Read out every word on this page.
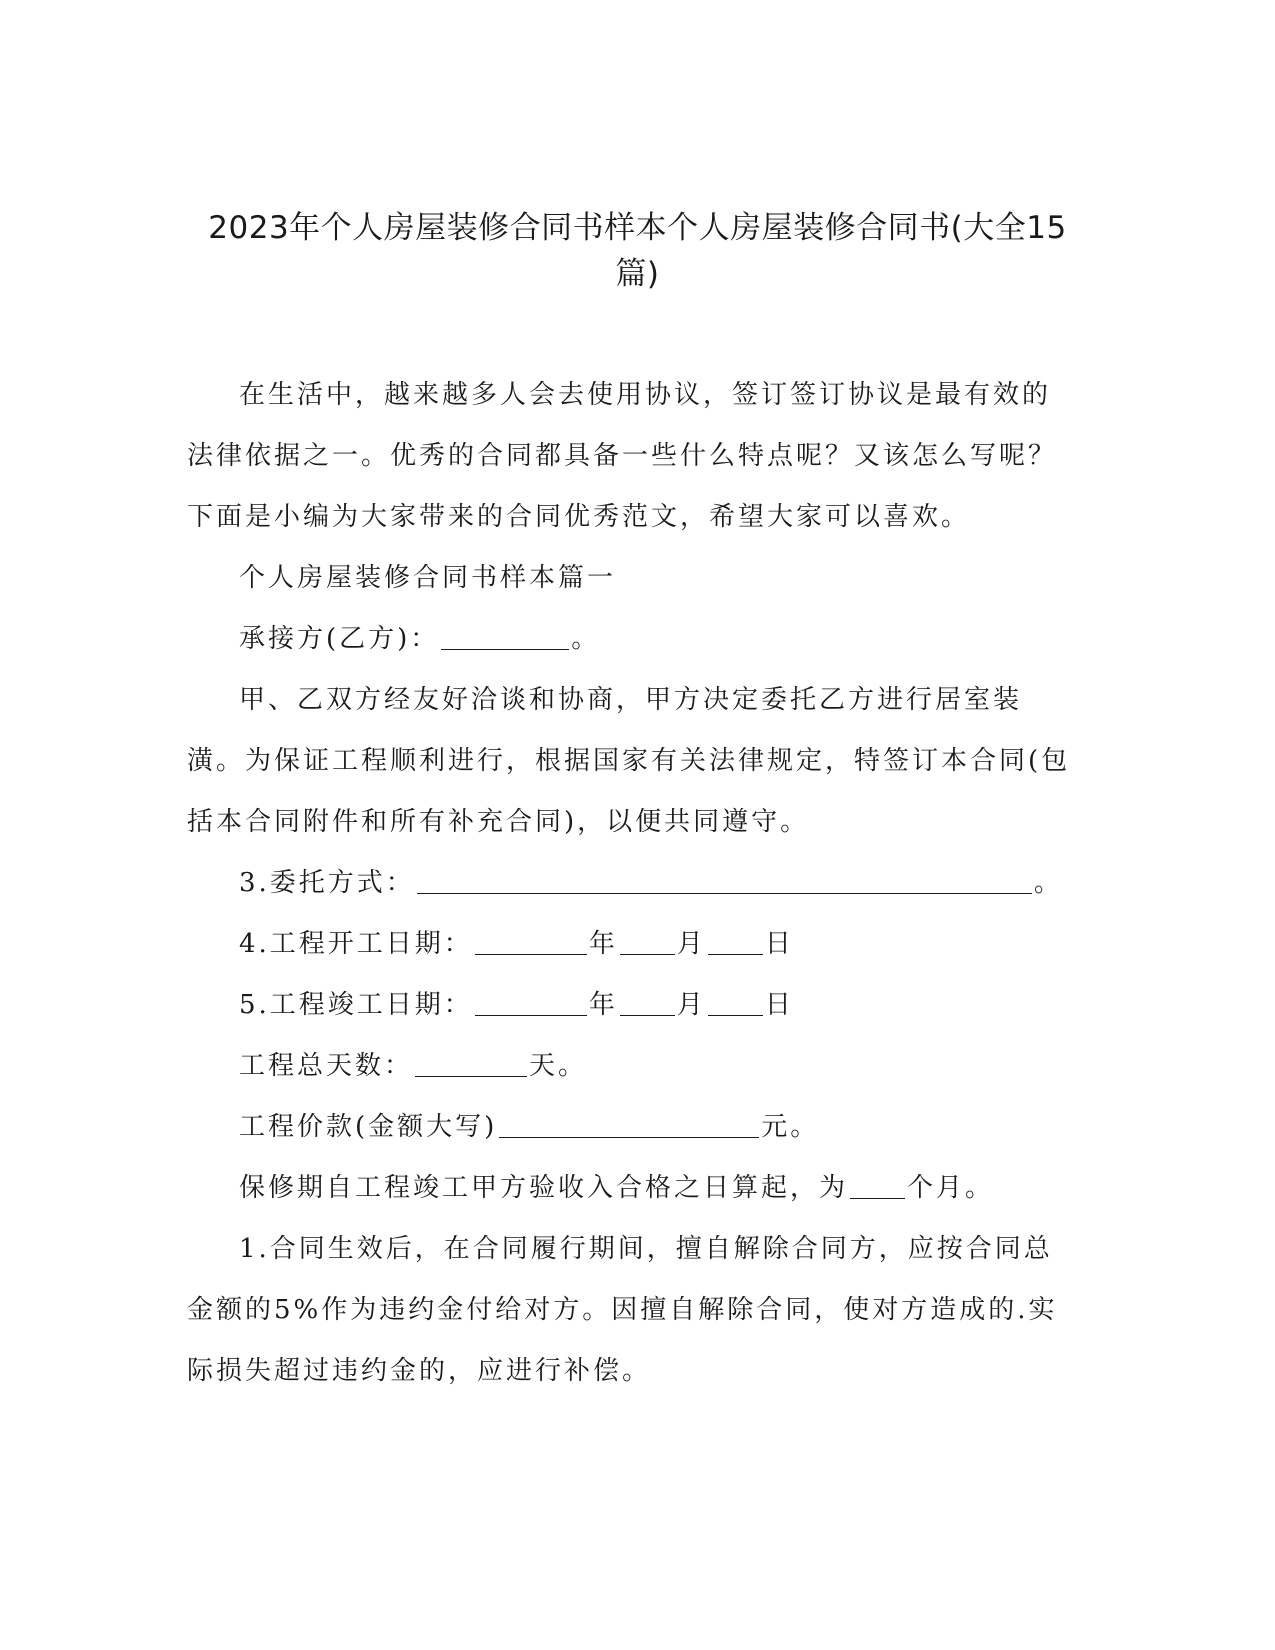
2023年个人房屋装修合同书样本个人房屋装修合同书(大全15
篇)

在生活中，越来越多人会去使用协议，签订签订协议是最有效的法律依据之一。优秀的合同都具备一些什么特点呢？又该怎么写呢？下面是小编为大家带来的合同优秀范文，希望大家可以喜欢。

个人房屋装修合同书样本篇一

承接方(乙方)：	。

甲、乙双方经友好洽谈和协商，甲方决定委托乙方进行居室装潢。为保证工程顺利进行，根据国家有关法律规定，特签订本合同(包括本合同附件和所有补充合同)，以便共同遵守。

3.委托方式：	。

4.工程开工日期：	年 月 日

5.工程竣工日期：	年 月 日

工程总天数：	天。

工程价款(金额大写)	元。

保修期自工程竣工甲方验收入合格之日算起，为 个月。

1.合同生效后，在合同履行期间，擅自解除合同方，应按合同总金额的5%作为违约金付给对方。因擅自解除合同，使对方造成的.实际损失超过违约金的，应进行补偿。
